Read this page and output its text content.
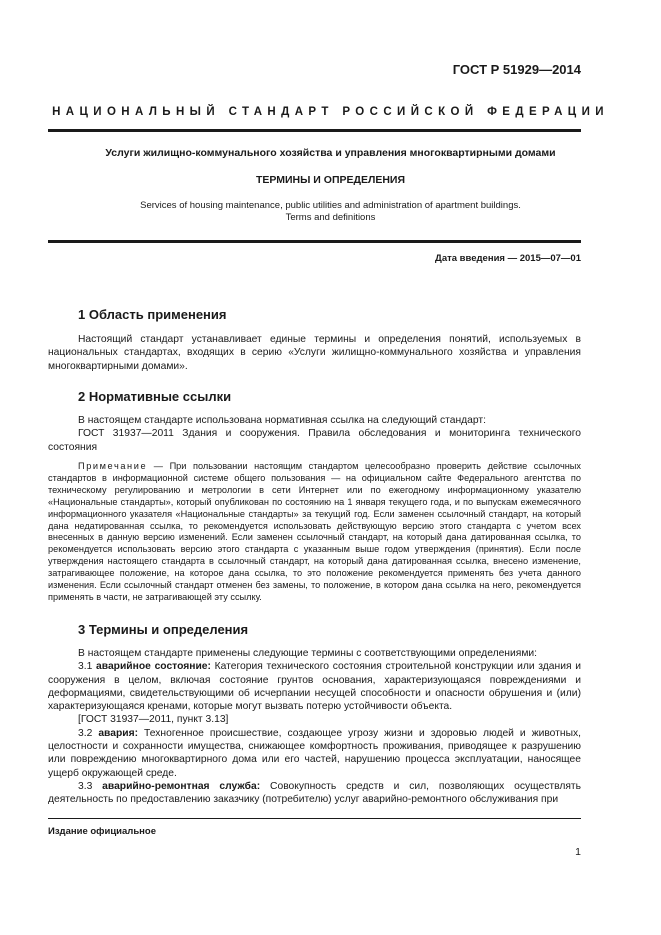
ГОСТ Р 51929—2014
НАЦИОНАЛЬНЫЙ СТАНДАРТ РОССИЙСКОЙ ФЕДЕРАЦИИ
Услуги жилищно-коммунального хозяйства и управления многоквартирными домами
ТЕРМИНЫ И ОПРЕДЕЛЕНИЯ
Services of housing maintenance, public utilities and administration of apartment buildings.
Terms and definitions
Дата введения — 2015—07—01
1 Область применения

Настоящий стандарт устанавливает единые термины и определения понятий, используемых в национальных стандартах, входящих в серию «Услуги жилищно-коммунального хозяйства и управления многоквартирными домами».

2 Нормативные ссылки

В настоящем стандарте использована нормативная ссылка на следующий стандарт:

ГОСТ 31937—2011 Здания и сооружения. Правила обследования и мониторинга технического состояния

Примечание — При пользовании настоящим стандартом целесообразно проверить действие ссылочных стандартов в информационной системе общего пользования — на официальном сайте Федерального агентства по техническому регулированию и метрологии в сети Интернет или по ежегодному информационному указателю «Национальные стандарты», который опубликован по состоянию на 1 января текущего года, и по выпускам ежемесячного информационного указателя «Национальные стандарты» за текущий год. Если заменен ссылочный стандарт, на который дана недатированная ссылка, то рекомендуется использовать действующую версию этого стандарта с учетом всех внесенных в данную версию изменений. Если заменен ссылочный стандарт, на который дана датированная ссылка, то рекомендуется использовать версию этого стандарта с указанным выше годом утверждения (принятия). Если после утверждения настоящего стандарта в ссылочный стандарт, на который дана датированная ссылка, внесено изменение, затрагивающее положение, на которое дана ссылка, то это положение рекомендуется применять без учета данного изменения. Если ссылочный стандарт отменен без замены, то положение, в котором дана ссылка на него, рекомендуется применять в части, не затрагивающей эту ссылку.

3 Термины и определения

В настоящем стандарте применены следующие термины с соответствующими определениями:

3.1 аварийное состояние: Категория технического состояния строительной конструкции или здания и сооружения в целом, включая состояние грунтов основания, характеризующаяся повреждениями и деформациями, свидетельствующими об исчерпании несущей способности и опасности обрушения и (или) характеризующаяся кренами, которые могут вызвать потерю устойчивости объекта.

[ГОСТ 31937—2011, пункт 3.13]

3.2 авария: Техногенное происшествие, создающее угрозу жизни и здоровью людей и животных, целостности и сохранности имущества, снижающее комфортность проживания, приводящее к разрушению или повреждению многоквартирного дома или его частей, нарушению процесса эксплуатации, наносящее ущерб окружающей среде.

3.3 аварийно-ремонтная служба: Совокупность средств и сил, позволяющих осуществлять деятельность по предоставлению заказчику (потребителю) услуг аварийно-ремонтного обслуживания при

Издание официальное
1
